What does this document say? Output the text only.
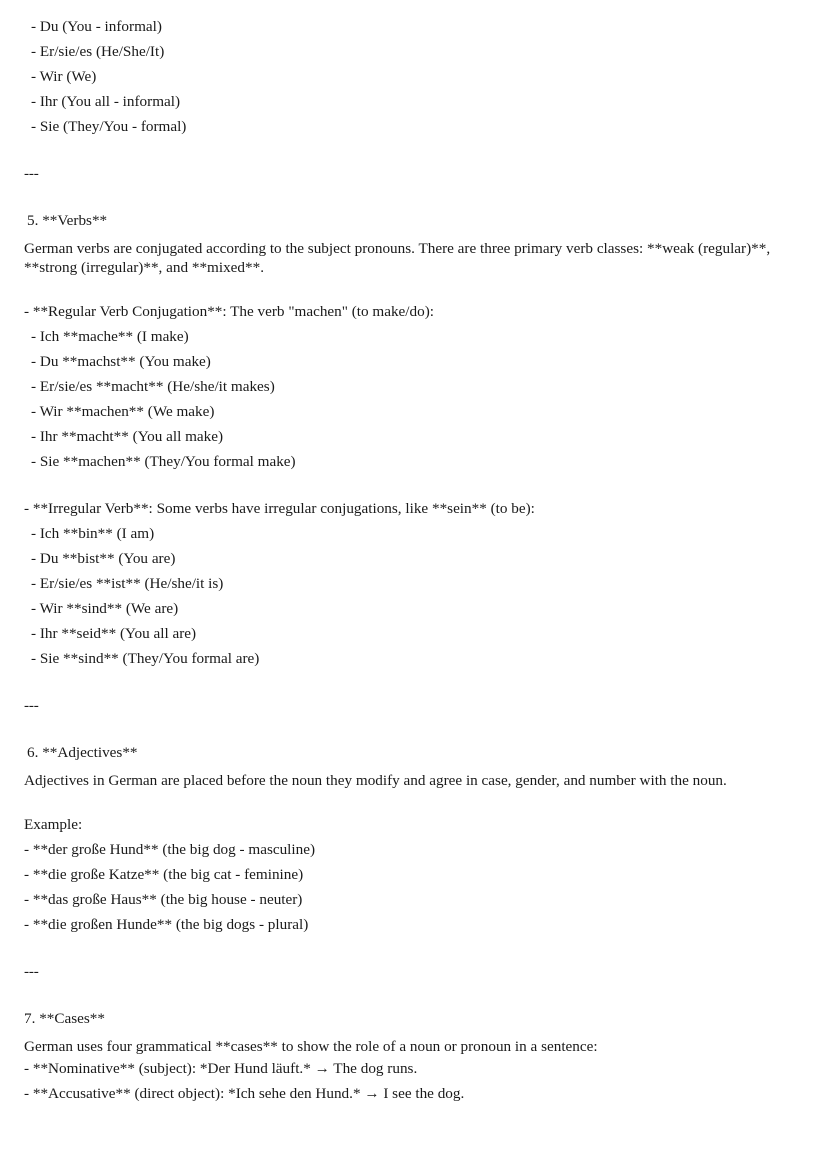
- Du (You - informal)
- Er/sie/es (He/She/It)
- Wir (We)
- Ihr (You all - informal)
- Sie (They/You - formal)
---
5. **Verbs**
German verbs are conjugated according to the subject pronouns. There are three primary verb classes: **weak (regular)**, **strong (irregular)**, and **mixed**.
- **Regular Verb Conjugation**: The verb "machen" (to make/do):
- Ich **mache** (I make)
- Du **machst** (You make)
- Er/sie/es **macht** (He/she/it makes)
- Wir **machen** (We make)
- Ihr **macht** (You all make)
- Sie **machen** (They/You formal make)
- **Irregular Verb**: Some verbs have irregular conjugations, like **sein** (to be):
- Ich **bin** (I am)
- Du **bist** (You are)
- Er/sie/es **ist** (He/she/it is)
- Wir **sind** (We are)
- Ihr **seid** (You all are)
- Sie **sind** (They/You formal are)
---
6. **Adjectives**
Adjectives in German are placed before the noun they modify and agree in case, gender, and number with the noun.
Example:
- **der große Hund** (the big dog - masculine)
- **die große Katze** (the big cat - feminine)
- **das große Haus** (the big house - neuter)
- **die großen Hunde** (the big dogs - plural)
---
7. **Cases**
German uses four grammatical **cases** to show the role of a noun or pronoun in a sentence:
- **Nominative** (subject): *Der Hund läuft.* → The dog runs.
- **Accusative** (direct object): *Ich sehe den Hund.* → I see the dog.
